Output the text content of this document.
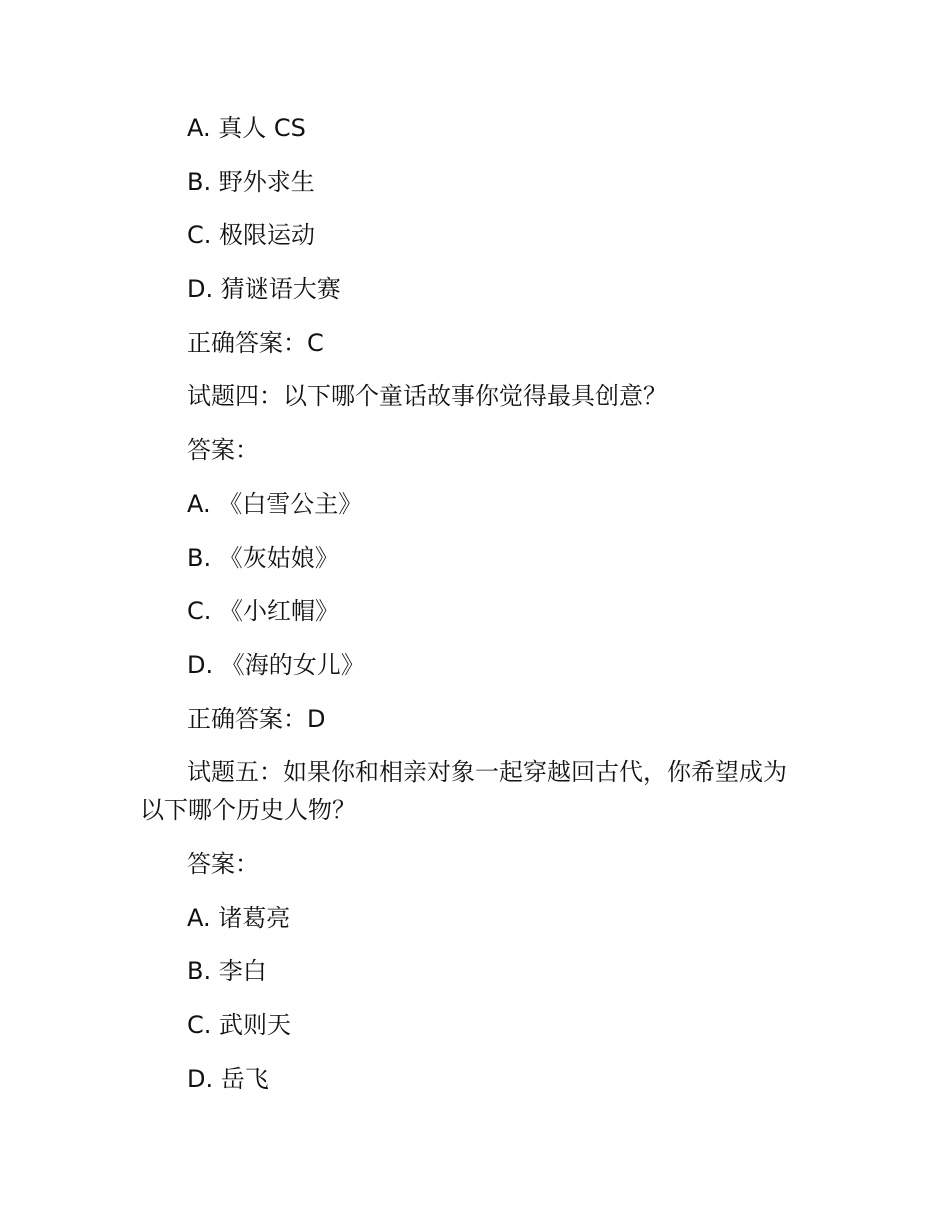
A. 真人 CS
B. 野外求生
C. 极限运动
D. 猜谜语大赛
正确答案：C
试题四：以下哪个童话故事你觉得最具创意？
答案：
A. 《白雪公主》
B. 《灰姑娘》
C. 《小红帽》
D. 《海的女儿》
正确答案：D
试题五：如果你和相亲对象一起穿越回古代，你希望成为
以下哪个历史人物？
答案：
A. 诸葛亮
B. 李白
C. 武则天
D. 岳飞
